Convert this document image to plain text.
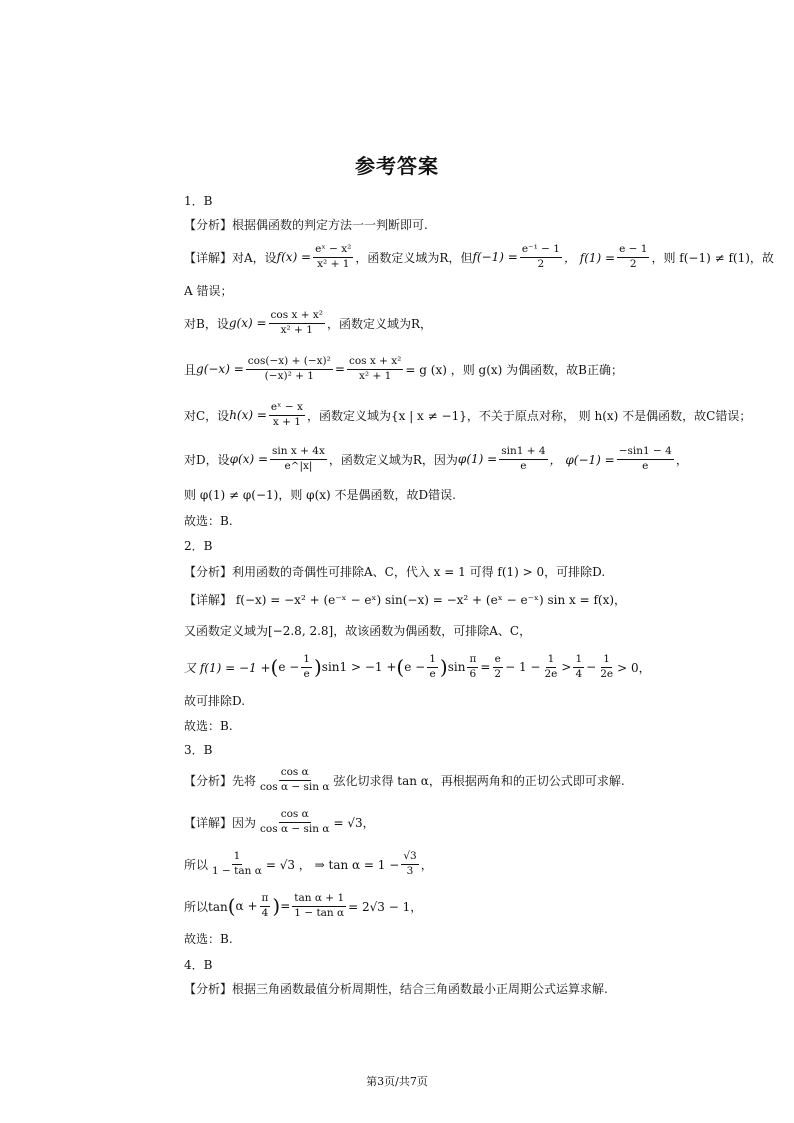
参考答案
1．B
【分析】根据偶函数的判定方法一一判断即可.
【详解】对A，设 $f(x) = \frac{\text{eˣ − x²}}{\text{x² + 1}}$ ，函数定义域为R，但 $f(-1) = \frac{\text{e⁻¹ − 1}}{2}$ ， $f(1) = \frac{e - 1}{2}$ ，则 f(−1) ≠ f(1)，故
A 错误；
对B，设 $g(x) = \frac{\text{cos x + x²}}{\text{x² + 1}}$ ，函数定义域为R，
且 $g(-x) = \frac{\text{cos(−x) + (−x)²}}{\text{(−x)² + 1}} = \frac{\text{cos x + x²}}{\text{x² + 1}} = g$ (x) ，则 g(x) 为偶函数，故B正确；
对C，设 $h(x) = \frac{\text{eˣ − x}}{x + 1}$ ，函数定义域为{x | x ≠ −1}，不关于原点对称， 则 h(x) 不是偶函数，故C错误；
对D，设 $\varphi(x) = \frac{\text{sin x + 4x}}{e\^{}|x|}$ ，函数定义域为R，因为 $\varphi(1) = \frac{\sin 1 + 4}{e}$ ， $\varphi(-1) = \frac{-\sin 1 - 4}{e}$ ，
则 φ(1) ≠ φ(−1)，则 φ(x) 不是偶函数，故D错误.
故选：B.
2．B
【分析】利用函数的奇偶性可排除A、C，代入 x = 1 可得 f(1) > 0，可排除D.
【详解】 f(−x) = −x² + (e⁻ˣ − eˣ) sin(−x) = −x² + (eˣ − e⁻ˣ) sin x = f(x)，
又函数定义域为[−2.8, 2.8]，故该函数为偶函数，可排除A、C，
又 f(1) = −1 + ( $e - \frac{1}{e}$ ) sin1 > −1 + ( $e - \frac{1}{e}$ ) $\sin \frac{\pi}{6} = \frac{e}{2} - 1 - \frac{1}{2e} > \frac{1}{4} - \frac{1}{2e} > 0$，
故可排除D.
故选：B.
3．B
【分析】先将 $\frac{\text{cos α}}{\text{cos α − sin α}}$ 弦化切求得 tan α，再根据两角和的正切公式即可求解.
【详解】因为 $\frac{\text{cos α}}{\text{cos α − sin α}} = √3$，
所以 $\frac{1}{\text{1 − tan α}} = √3$ ， ⇒ $\tan \alpha = 1 - \frac{√3}{3}$ ，
所以tan ( $\alpha + \frac{\pi}{4}$ ) = $\frac{\text{tan α + 1}}{\text{1 − tan α}} = 2√3 - 1$，
故选：B.
4．B
【分析】根据三角函数最值分析周期性，结合三角函数最小正周期公式运算求解.
第3页/共7页
